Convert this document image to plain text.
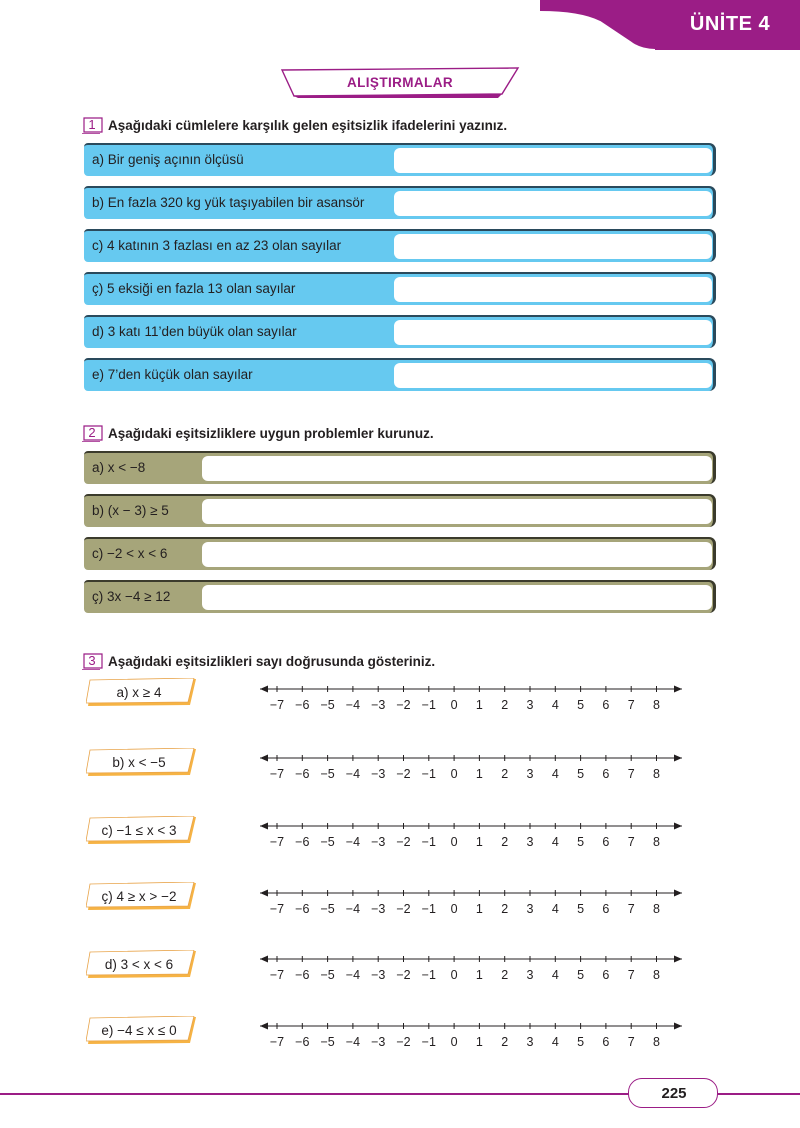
ÜNİTE 4
ALIŞTIRMALAR
1 Aşağıdaki cümlelere karşılık gelen eşitsizlik ifadelerini yazınız.
a) Bir geniş açının ölçüsü
b) En fazla 320 kg yük taşıyabilen bir asansör
c) 4 katının 3 fazlası en az 23 olan sayılar
ç) 5 eksiği en fazla 13 olan sayılar
d) 3 katı 11’den büyük olan sayılar
e) 7’den küçük olan sayılar
2 Aşağıdaki eşitsizliklere uygun problemler kurunuz.
a) x < −8
b) (x − 3) ≥ 5
c) −2 < x < 6
ç) 3x −4 ≥ 12
3 Aşağıdaki eşitsizlikleri sayı doğrusunda gösteriniz.
a) x ≥ 4
b) x < −5
c) −1 ≤ x < 3
ç) 4 ≥ x > −2
d) 3 < x < 6
e) −4 ≤ x ≤ 0
−7 −6 −5 −4 −3 −2 −1 0 1 2 3 4 5 6 7 8
−7 −6 −5 −4 −3 −2 −1 0 1 2 3 4 5 6 7 8
−7 −6 −5 −4 −3 −2 −1 0 1 2 3 4 5 6 7 8
−7 −6 −5 −4 −3 −2 −1 0 1 2 3 4 5 6 7 8
−7 −6 −5 −4 −3 −2 −1 0 1 2 3 4 5 6 7 8
−7 −6 −5 −4 −3 −2 −1 0 1 2 3 4 5 6 7 8
225
